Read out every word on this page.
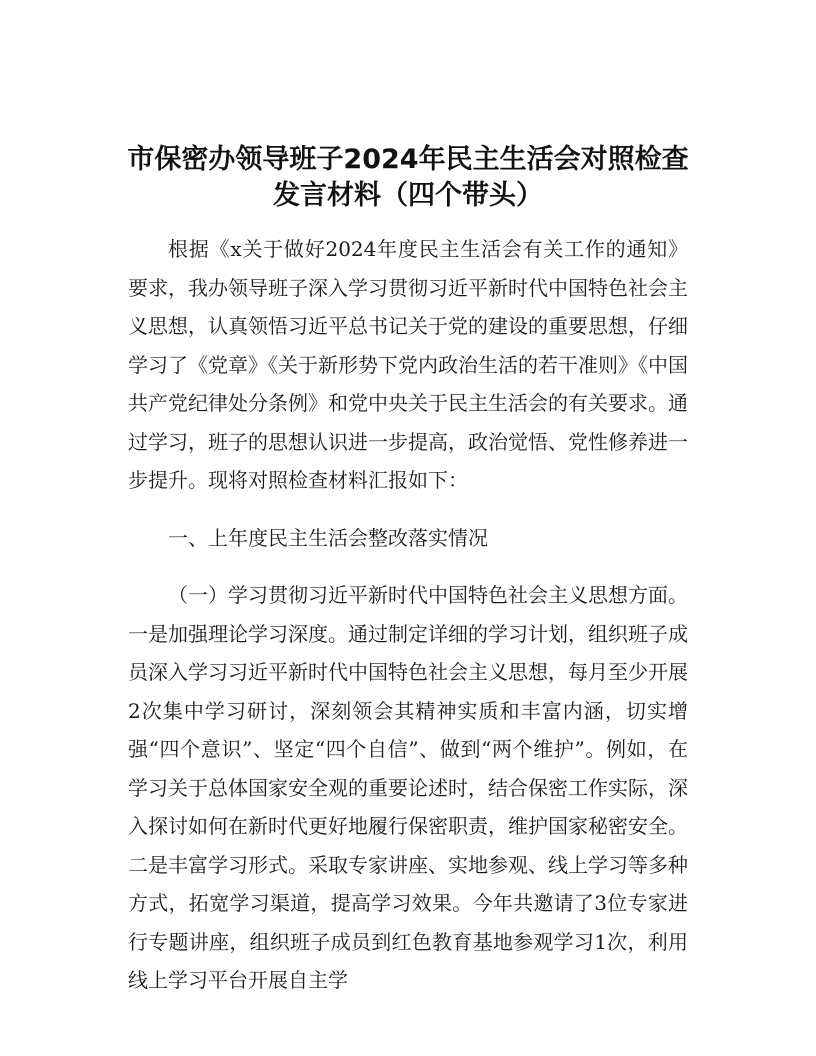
市保密办领导班子2024年民主生活会对照检查
发言材料（四个带头）

根据《x关于做好2024年度民主生活会有关工作的通知》要求，我办领导班子深入学习贯彻习近平新时代中国特色社会主义思想，认真领悟习近平总书记关于党的建设的重要思想，仔细学习了《党章》《关于新形势下党内政治生活的若干准则》《中国共产党纪律处分条例》和党中央关于民主生活会的有关要求。通过学习，班子的思想认识进一步提高，政治觉悟、党性修养进一步提升。现将对照检查材料汇报如下：

一、上年度民主生活会整改落实情况

（一）学习贯彻习近平新时代中国特色社会主义思想方面。一是加强理论学习深度。通过制定详细的学习计划，组织班子成员深入学习习近平新时代中国特色社会主义思想，每月至少开展2次集中学习研讨，深刻领会其精神实质和丰富内涵，切实增强“四个意识”、坚定“四个自信”、做到“两个维护”。例如，在学习关于总体国家安全观的重要论述时，结合保密工作实际，深入探讨如何在新时代更好地履行保密职责，维护国家秘密安全。二是丰富学习形式。采取专家讲座、实地参观、线上学习等多种方式，拓宽学习渠道，提高学习效果。今年共邀请了3位专家进行专题讲座，组织班子成员到红色教育基地参观学习1次，利用线上学习平台开展自主学
